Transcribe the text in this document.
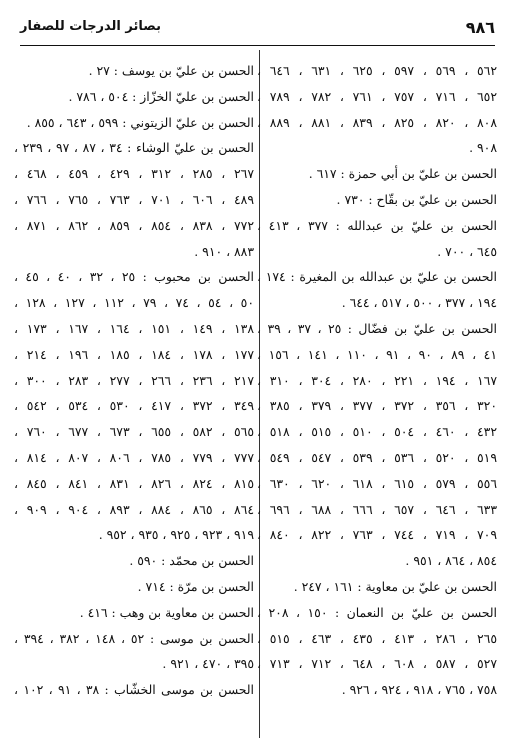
٩٨٦
بصائر الدرجات للصفار
٥٦٢ ، ٥٦٩ ، ٥٩٧ ، ٦٢٥ ، ٦٣١ ، ٦٤٦ ،
٦٥٢ ، ٧١٦ ، ٧٥٧ ، ٧٦١ ، ٧٨٢ ، ٧٨٩ ،
٨٠٨ ، ٨٢٠ ، ٨٢٥ ، ٨٣٩ ، ٨٨١ ، ٨٨٩ ،
٩٠٨ .
الحسن بن عليّ بن أبي حمزة : ٦١٧ .
الحسن بن عليّ بن بقّاح : ٧٣٠ .
الحسن بن عليّ بن عبدالله : ٣٧٧ ، ٤١٣ ،
٦٤٥ ، ٧٠٠ .
الحسن بن عليّ بن عبدالله بن المغيرة : ١٧٤ ،
١٩٤ ، ٣٧٧ ، ٥٠٠ ، ٥١٧ ، ٦٤٤ .
الحسن بن عليّ بن فضّال : ٢٥ ، ٣٧ ، ٣٩ ،
٤١ ، ٨٩ ، ٩٠ ، ٩١ ، ١١٠ ، ١٤١ ، ١٥٦ ،
١٦٧ ، ١٩٤ ، ٢٢١ ، ٢٨٠ ، ٣٠٤ ، ٣١٠ ،
٣٢٠ ، ٣٥٦ ، ٣٧٢ ، ٣٧٧ ، ٣٧٩ ، ٣٨٥ ،
٤٣٢ ، ٤٦٠ ، ٥٠٤ ، ٥١٠ ، ٥١٥ ، ٥١٨ ،
٥١٩ ، ٥٢٠ ، ٥٣٦ ، ٥٣٩ ، ٥٤٧ ، ٥٤٩ ،
٥٥٦ ، ٥٧٩ ، ٦١٥ ، ٦١٨ ، ٦٢٠ ، ٦٣٠ ،
٦٣٣ ، ٦٤٦ ، ٦٥٧ ، ٦٦٦ ، ٦٨٨ ، ٦٩٦ ،
٧٠٩ ، ٧١٩ ، ٧٤٤ ، ٧٦٣ ، ٨٢٢ ، ٨٤٠ ،
٨٥٤ ، ٨٦٤ ، ٩٥١ .
الحسن بن عليّ بن معاوية : ١٦١ ، ٢٤٧ .
الحسن بن عليّ بن النعمان : ١٥٠ ، ٢٠٨ ،
٢٦٥ ، ٢٨٦ ، ٤١٣ ، ٤٣٥ ، ٤٦٣ ، ٥١٥ ،
٥٢٧ ، ٥٨٧ ، ٦٠٨ ، ٦٤٨ ، ٧١٢ ، ٧١٣ ،
٧٥٨ ، ٧٦٥ ، ٩١٨ ، ٩٢٤ ، ٩٢٦ .
الحسن بن عليّ بن يوسف : ٢٧ .
الحسن بن عليّ الخزّاز : ٥٠٤ ، ٧٨٦ .
الحسن بن عليّ الزيتوني : ٥٩٩ ، ٦٤٣ ، ٨٥٥ .
الحسن بن عليّ الوشاء : ٣٤ ، ٨٧ ، ٩٧ ، ٢٣٩ ،
٢٦٧ ، ٢٨٥ ، ٣١٢ ، ٤٢٩ ، ٤٥٩ ، ٤٦٨ ،
٤٨٩ ، ٦٠٦ ، ٧٠١ ، ٧٦٣ ، ٧٦٥ ، ٧٦٦ ،
٧٧٢ ، ٨٣٨ ، ٨٥٤ ، ٨٥٩ ، ٨٦٢ ، ٨٧١ ،
٨٨٣ ، ٩١٠ .
الحسن بن محبوب : ٢٥ ، ٣٢ ، ٤٠ ، ٤٥ ،
٥٠ ، ٥٤ ، ٧٤ ، ٧٩ ، ١١٢ ، ١٢٧ ، ١٢٨ ،
١٣٨ ، ١٤٩ ، ١٥١ ، ١٦٤ ، ١٦٧ ، ١٧٣ ،
١٧٧ ، ١٧٨ ، ١٨٤ ، ١٨٥ ، ١٩٦ ، ٢١٤ ،
٢١٧ ، ٢٣٦ ، ٢٦٦ ، ٢٧٧ ، ٢٨٣ ، ٣٠٠ ،
٣٤٩ ، ٣٧٢ ، ٤١٧ ، ٥٣٠ ، ٥٣٤ ، ٥٤٢ ،
٥٦٥ ، ٥٨٢ ، ٦٥٥ ، ٦٧٣ ، ٦٧٧ ، ٧٦٠ ،
٧٧٧ ، ٧٧٩ ، ٧٨٥ ، ٨٠٦ ، ٨٠٧ ، ٨١٤ ،
٨١٥ ، ٨٢٤ ، ٨٢٦ ، ٨٣١ ، ٨٤١ ، ٨٤٥ ،
٨٦٤ ، ٨٦٥ ، ٨٨٤ ، ٨٩٣ ، ٩٠٤ ، ٩٠٩ ،
٩١٩ ، ٩٢٣ ، ٩٢٥ ، ٩٣٥ ، ٩٥٢ .
الحسن بن محمّد : ٥٩٠ .
الحسن بن مرّة : ٧١٤ .
الحسن بن معاوية بن وهب : ٤١٦ .
الحسن بن موسى : ٥٢ ، ١٤٨ ، ٣٨٢ ، ٣٩٤ ،
٣٩٥ ، ٤٧٠ ، ٩٢١ .
الحسن بن موسى الخشّاب : ٣٨ ، ٩١ ، ١٠٢ ،
